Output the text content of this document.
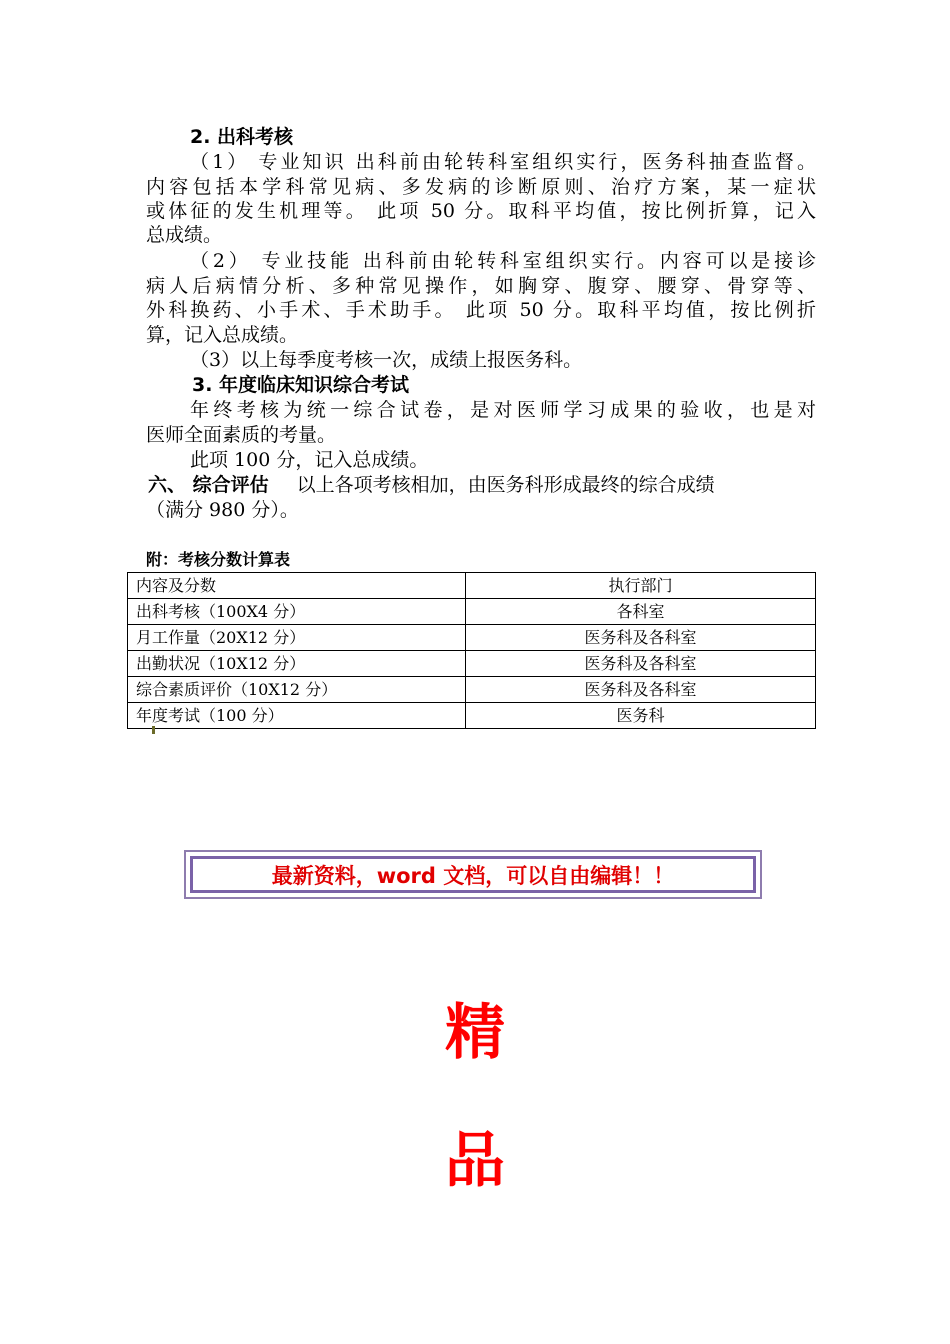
2. 出科考核
（1） 专业知识 出科前由轮转科室组织实行，医务科抽查监督。
内容包括本学科常见病、多发病的诊断原则、治疗方案，某一症状
或体征的发生机理等。 此项 50 分。取科平均值，按比例折算，记入
总成绩。
（2） 专业技能 出科前由轮转科室组织实行。内容可以是接诊
病人后病情分析、多种常见操作，如胸穿、腹穿、腰穿、骨穿等、
外科换药、小手术、手术助手。 此项 50 分。取科平均值，按比例折
算，记入总成绩。
（3）以上每季度考核一次，成绩上报医务科。
3. 年度临床知识综合考试
年终考核为统一综合试卷，是对医师学习成果的验收，也是对
医师全面素质的考量。
此项 100 分，记入总成绩。
六、 综合评估 以上各项考核相加，由医务科形成最终的综合成绩
（满分 980 分）。
附：考核分数计算表
内容及分数	执行部门
出科考核（100X4 分）	各科室
月工作量（20X12 分）	医务科及各科室
出勤状况（10X12 分）	医务科及各科室
综合素质评价（10X12 分）	医务科及各科室
年度考试（100 分）	医务科
最新资料，word 文档，可以自由编辑！！
精
品
